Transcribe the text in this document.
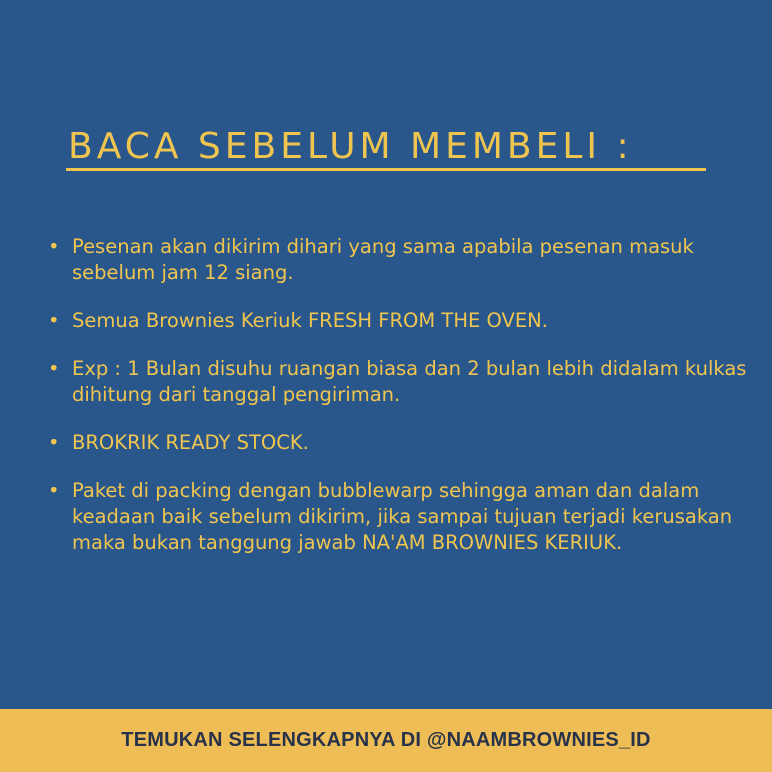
BACA SEBELUM MEMBELI :
• Pesenan akan dikirim dihari yang sama apabila pesenan masuk sebelum jam 12 siang.
• Semua Brownies Keriuk FRESH FROM THE OVEN.
• Exp : 1 Bulan disuhu ruangan biasa dan 2 bulan lebih didalam kulkas dihitung dari tanggal pengiriman.
• BROKRIK READY STOCK.
• Paket di packing dengan bubblewarp sehingga aman dan dalam keadaan baik sebelum dikirim, jika sampai tujuan terjadi kerusakan maka bukan tanggung jawab NA'AM BROWNIES KERIUK.
TEMUKAN SELENGKAPNYA DI @NAAMBROWNIES_ID
